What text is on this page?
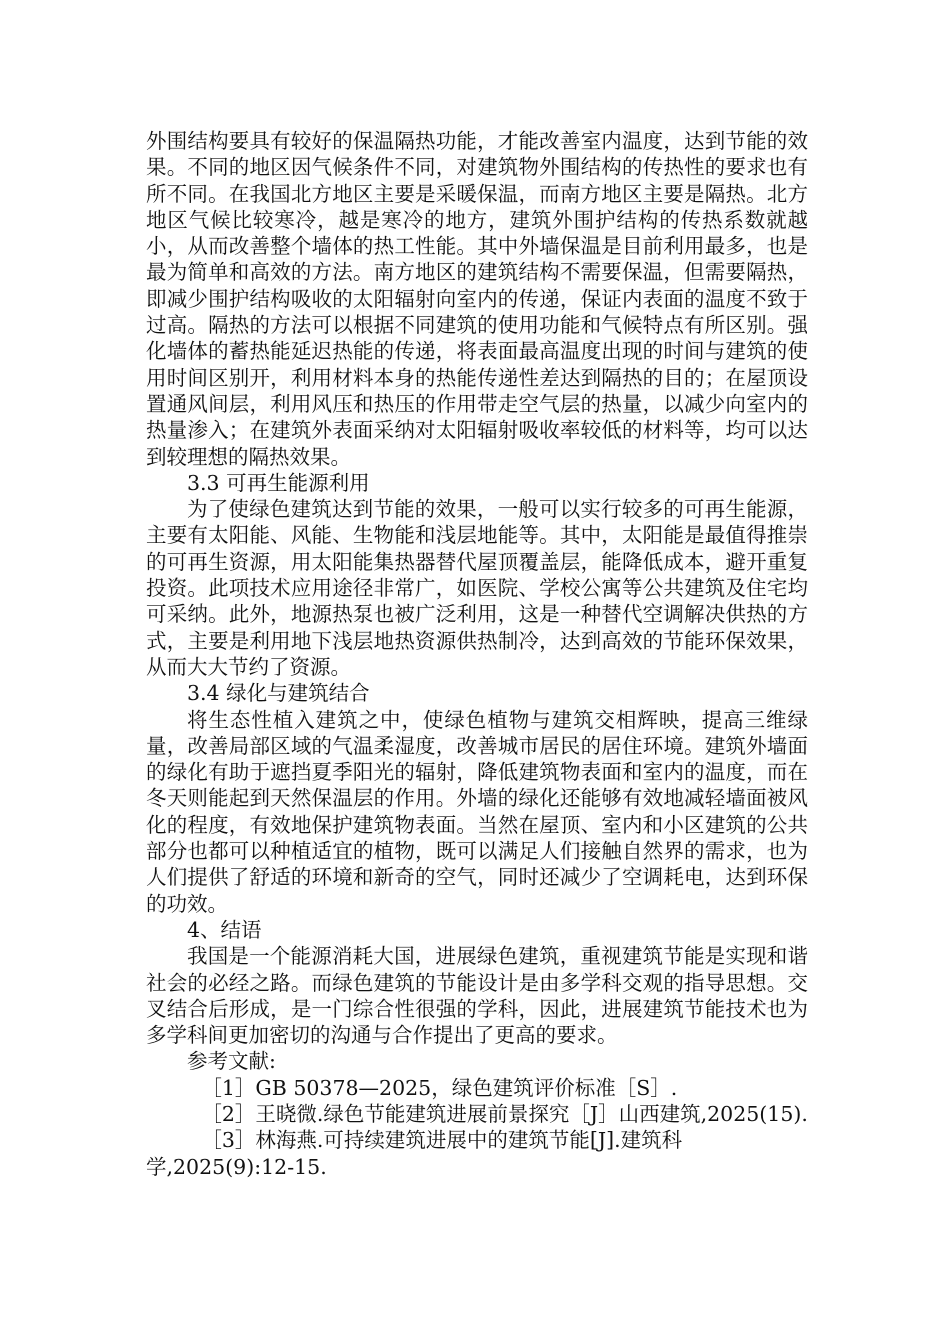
外围结构要具有较好的保温隔热功能，才能改善室内温度，达到节能的效果。不同的地区因气候条件不同，对建筑物外围结构的传热性的要求也有所不同。在我国北方地区主要是采暖保温，而南方地区主要是隔热。北方地区气候比较寒冷，越是寒冷的地方，建筑外围护结构的传热系数就越小，从而改善整个墙体的热工性能。其中外墙保温是目前利用最多，也是最为简单和高效的方法。南方地区的建筑结构不需要保温，但需要隔热，即减少围护结构吸收的太阳辐射向室内的传递，保证内表面的温度不致于过高。隔热的方法可以根据不同建筑的使用功能和气候特点有所区别。强化墙体的蓄热能延迟热能的传递，将表面最高温度出现的时间与建筑的使用时间区别开，利用材料本身的热能传递性差达到隔热的目的；在屋顶设置通风间层，利用风压和热压的作用带走空气层的热量，以减少向室内的热量渗入；在建筑外表面采纳对太阳辐射吸收率较低的材料等，均可以达到较理想的隔热效果。

3.3 可再生能源利用

为了使绿色建筑达到节能的效果，一般可以实行较多的可再生能源，主要有太阳能、风能、生物能和浅层地能等。其中，太阳能是最值得推崇的可再生资源，用太阳能集热器替代屋顶覆盖层，能降低成本，避开重复投资。此项技术应用途径非常广，如医院、学校公寓等公共建筑及住宅均可采纳。此外，地源热泵也被广泛利用，这是一种替代空调解决供热的方式，主要是利用地下浅层地热资源供热制冷，达到高效的节能环保效果，从而大大节约了资源。

3.4 绿化与建筑结合

将生态性植入建筑之中，使绿色植物与建筑交相辉映，提高三维绿量，改善局部区域的气温柔湿度，改善城市居民的居住环境。建筑外墙面的绿化有助于遮挡夏季阳光的辐射，降低建筑物表面和室内的温度，而在冬天则能起到天然保温层的作用。外墙的绿化还能够有效地减轻墙面被风化的程度，有效地保护建筑物表面。当然在屋顶、室内和小区建筑的公共部分也都可以种植适宜的植物，既可以满足人们接触自然界的需求，也为人们提供了舒适的环境和新奇的空气，同时还减少了空调耗电，达到环保的功效。

4、结语

我国是一个能源消耗大国，进展绿色建筑，重视建筑节能是实现和谐社会的必经之路。而绿色建筑的节能设计是由多学科交观的指导思想。交叉结合后形成，是一门综合性很强的学科，因此，进展建筑节能技术也为多学科间更加密切的沟通与合作提出了更高的要求。

参考文献:

［1］GB 50378—2025，绿色建筑评价标准［S］.

［2］王晓微.绿色节能建筑进展前景探究［J］山西建筑,2025(15).

［3］林海燕.可持续建筑进展中的建筑节能[J].建筑科学,2025(9):12-15.
